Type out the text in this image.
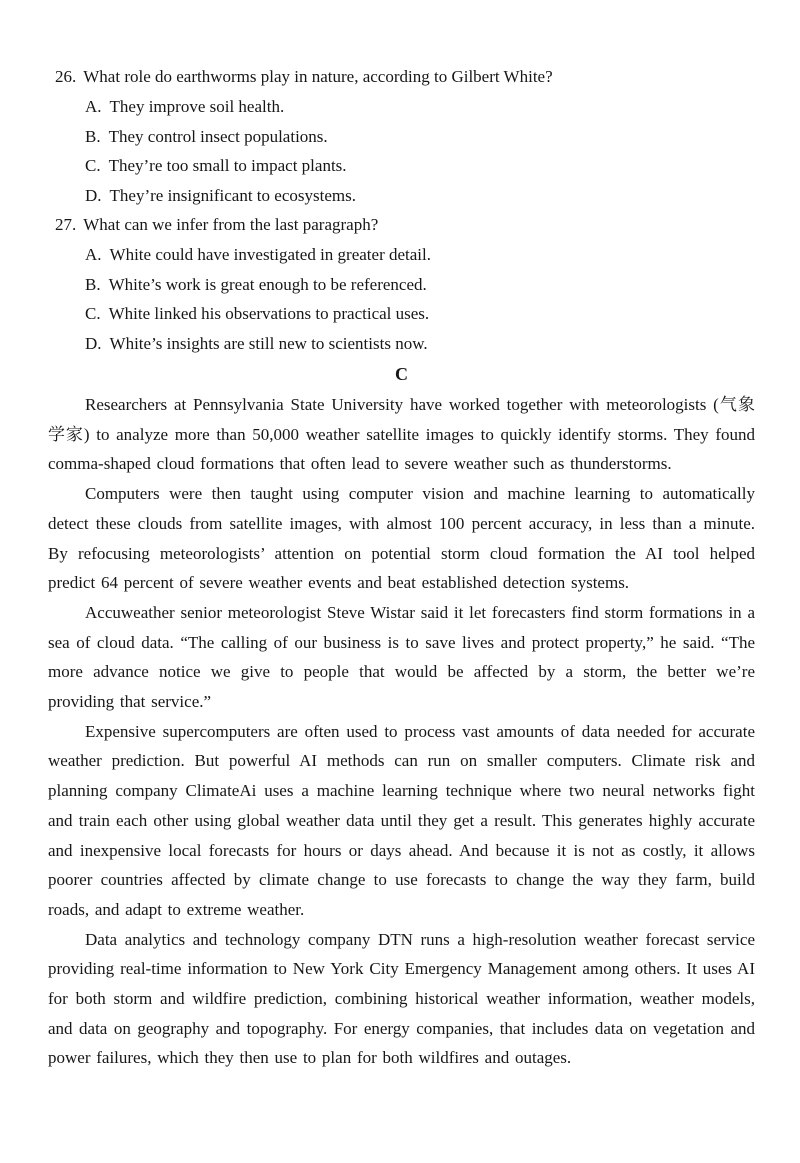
26. What role do earthworms play in nature, according to Gilbert White?
A. They improve soil health.
B. They control insect populations.
C. They’re too small to impact plants.
D. They’re insignificant to ecosystems.
27. What can we infer from the last paragraph?
A. White could have investigated in greater detail.
B. White’s work is great enough to be referenced.
C. White linked his observations to practical uses.
D. White’s insights are still new to scientists now.
C

Researchers at Pennsylvania State University have worked together with meteorologists (气象学家) to analyze more than 50,000 weather satellite images to quickly identify storms. They found comma-shaped cloud formations that often lead to severe weather such as thunderstorms.

Computers were then taught using computer vision and machine learning to automatically detect these clouds from satellite images, with almost 100 percent accuracy, in less than a minute. By refocusing meteorologists’ attention on potential storm cloud formation the AI tool helped predict 64 percent of severe weather events and beat established detection systems.

Accuweather senior meteorologist Steve Wistar said it let forecasters find storm formations in a sea of cloud data. “The calling of our business is to save lives and protect property,” he said. “The more advance notice we give to people that would be affected by a storm, the better we’re providing that service.”

Expensive supercomputers are often used to process vast amounts of data needed for accurate weather prediction. But powerful AI methods can run on smaller computers. Climate risk and planning company ClimateAi uses a machine learning technique where two neural networks fight and train each other using global weather data until they get a result. This generates highly accurate and inexpensive local forecasts for hours or days ahead. And because it is not as costly, it allows poorer countries affected by climate change to use forecasts to change the way they farm, build roads, and adapt to extreme weather.

Data analytics and technology company DTN runs a high-resolution weather forecast service providing real-time information to New York City Emergency Management among others. It uses AI for both storm and wildfire prediction, combining historical weather information, weather models, and data on geography and topography. For energy companies, that includes data on vegetation and power failures, which they then use to plan for both wildfires and outages.
